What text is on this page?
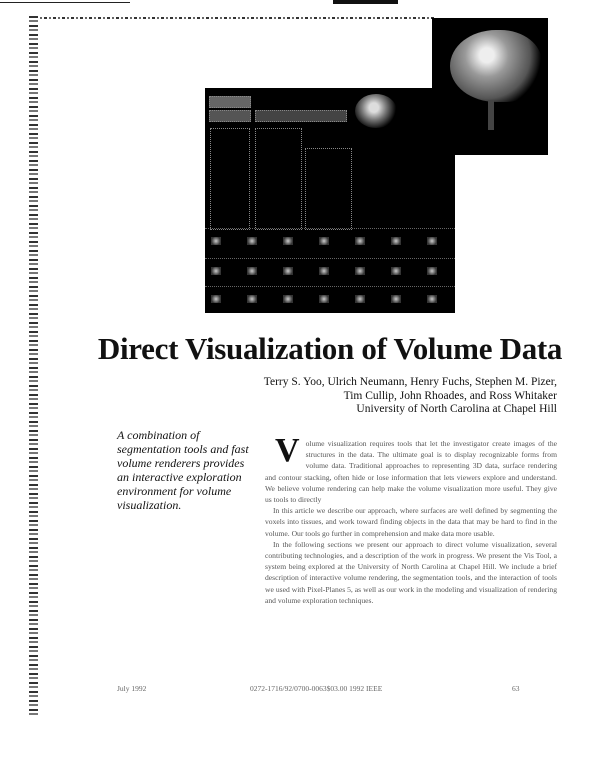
Direct Visualization of Volume Data
Terry S. Yoo, Ulrich Neumann, Henry Fuchs, Stephen M. Pizer,
Tim Cullip, John Rhoades, and Ross Whitaker
University of North Carolina at Chapel Hill
A combination of segmentation tools and fast volume renderers provides an interactive exploration environment for volume visualization.

Volume visualization requires tools that let the investigator create images of the structures in the data. The ultimate goal is to display recognizable forms from volume data. Traditional approaches to representing 3D data, surface rendering and contour stacking, often hide or lose information that lets viewers explore and understand. We believe volume rendering can help make the volume visualization more useful. They give us tools to directly

In this article we describe our approach, where surfaces are well defined by segmenting the voxels into tissues, and work toward finding objects in the data that may be hard to find in the volume. Our tools go further in comprehension and make data more usable.

In the following sections we present our approach to direct volume visualization, several contributing technologies, and a description of the work in progress. We present the Vis Tool, a system being explored at the University of North Carolina at Chapel Hill. We include a brief description of interactive volume rendering, the segmentation tools, and the interaction of tools we used with Pixel-Planes 5, as well as our work in the modeling and visualization of rendering and volume exploration techniques.

July 1992	0272-1716/92/0700-0063$03.00 1992 IEEE	63
